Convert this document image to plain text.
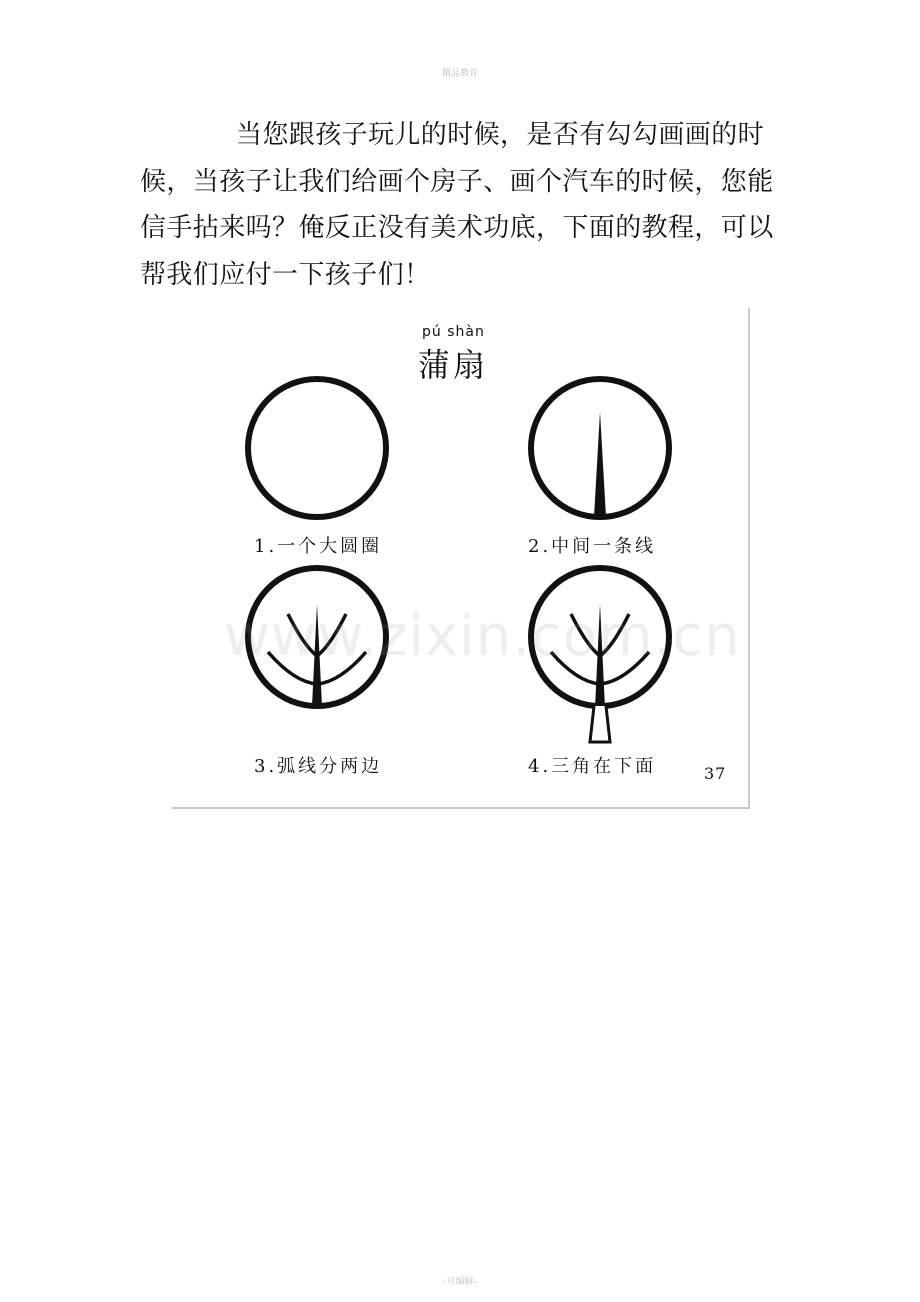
精品教育

当您跟孩子玩儿的时候，是否有勾勾画画的时候，当孩子让我们给画个房子、画个汽车的时候，您能信手拈来吗？俺反正没有美术功底，下面的教程，可以帮我们应付一下孩子们！

pú shàn
蒲扇
1.一个大圆圈	2.中间一条线
3.弧线分两边	4.三角在下面	37
www.zixin.com.cn
-可编辑-
